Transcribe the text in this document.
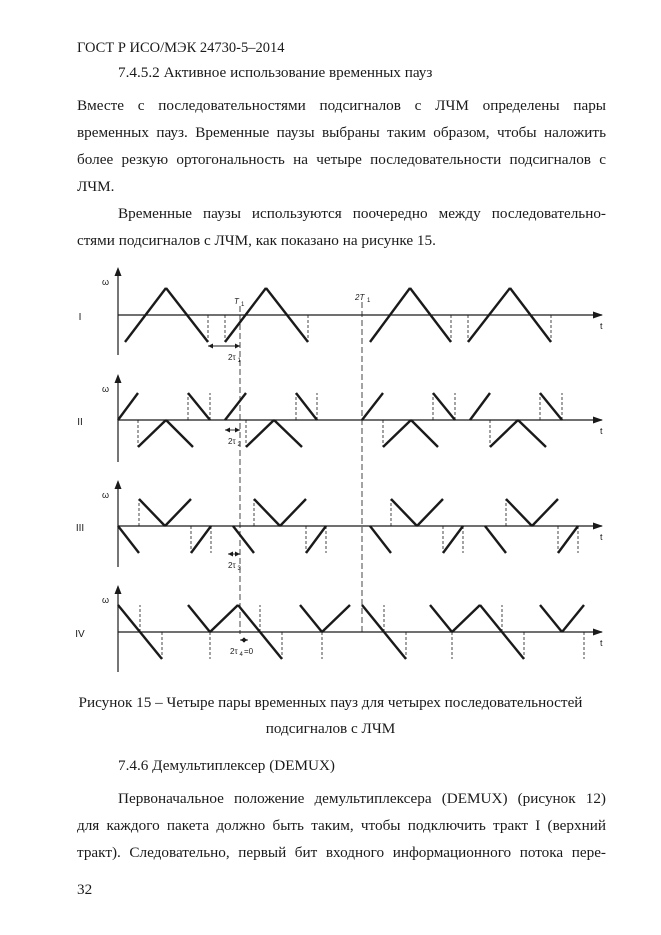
ГОСТ Р ИСО/МЭК 24730-5–2014
7.4.5.2 Активное использование временных пауз
Вместе с последовательностями подсигналов с ЛЧМ определены пары
временных пауз. Временные паузы выбраны таким образом, чтобы наложить
более резкую ортогональность на четыре последовательности подсигналов с
ЛЧМ.
Временные паузы используются поочередно между последовательно-
стями подсигналов с ЛЧМ, как показано на рисунке 15.
ω
t
I
ω
t
II
ω
t
III
ω
t
IV
T 1
2T 1
2τ 1
2τ 2
2τ 3
2τ 4 =0
Рисунок 15 – Четыре пары временных пауз для четырех последовательностей
подсигналов с ЛЧМ
7.4.6 Демультиплексер (DEMUX)
Первоначальное положение демультиплексера (DEMUX) (рисунок 12)
для каждого пакета должно быть таким, чтобы подключить тракт I (верхний
тракт). Следовательно, первый бит входного информационного потока пере-
32
